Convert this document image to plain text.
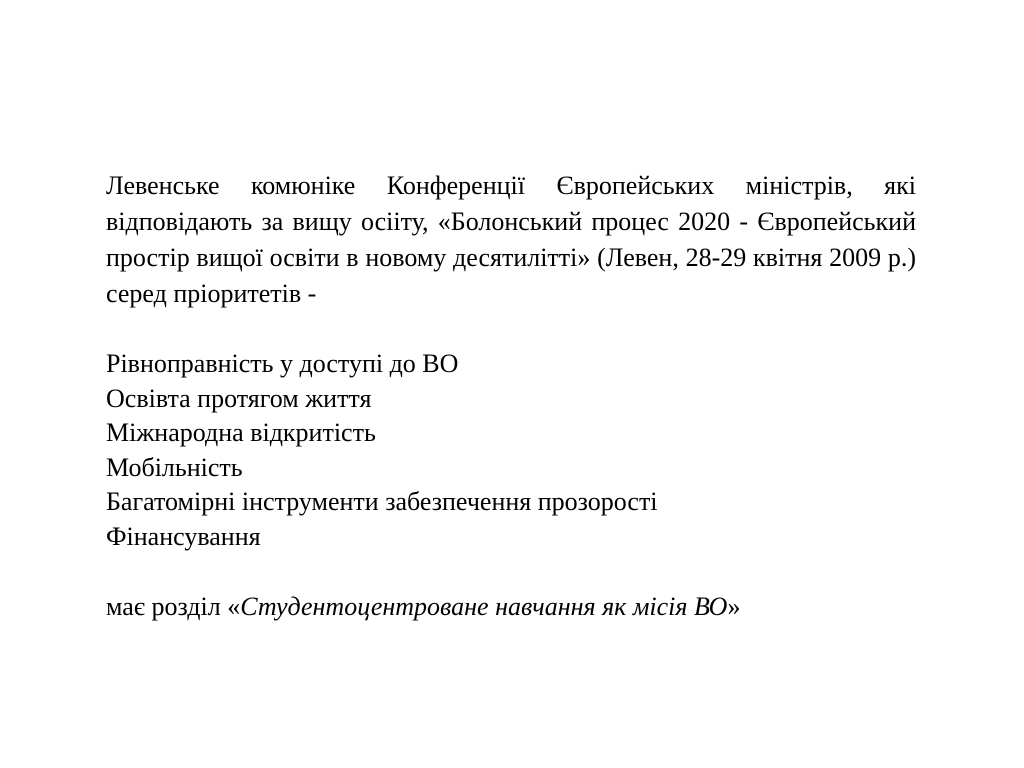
Левенське комюніке Конференції Європейських міністрів, які відповідають за вищу осііту, «Болонський процес 2020 - Європейський простір вищої освіти в новому десятилітті» (Левен, 28-29 квітня 2009 р.) серед пріоритетів -

Рівноправність у доступі до ВО
Освівта протягом життя
Міжнародна відкритість
Мобільність
Багатомірні інструменти забезпечення прозорості
Фінансування

має розділ «Студентоцентроване навчання як місія ВО»
